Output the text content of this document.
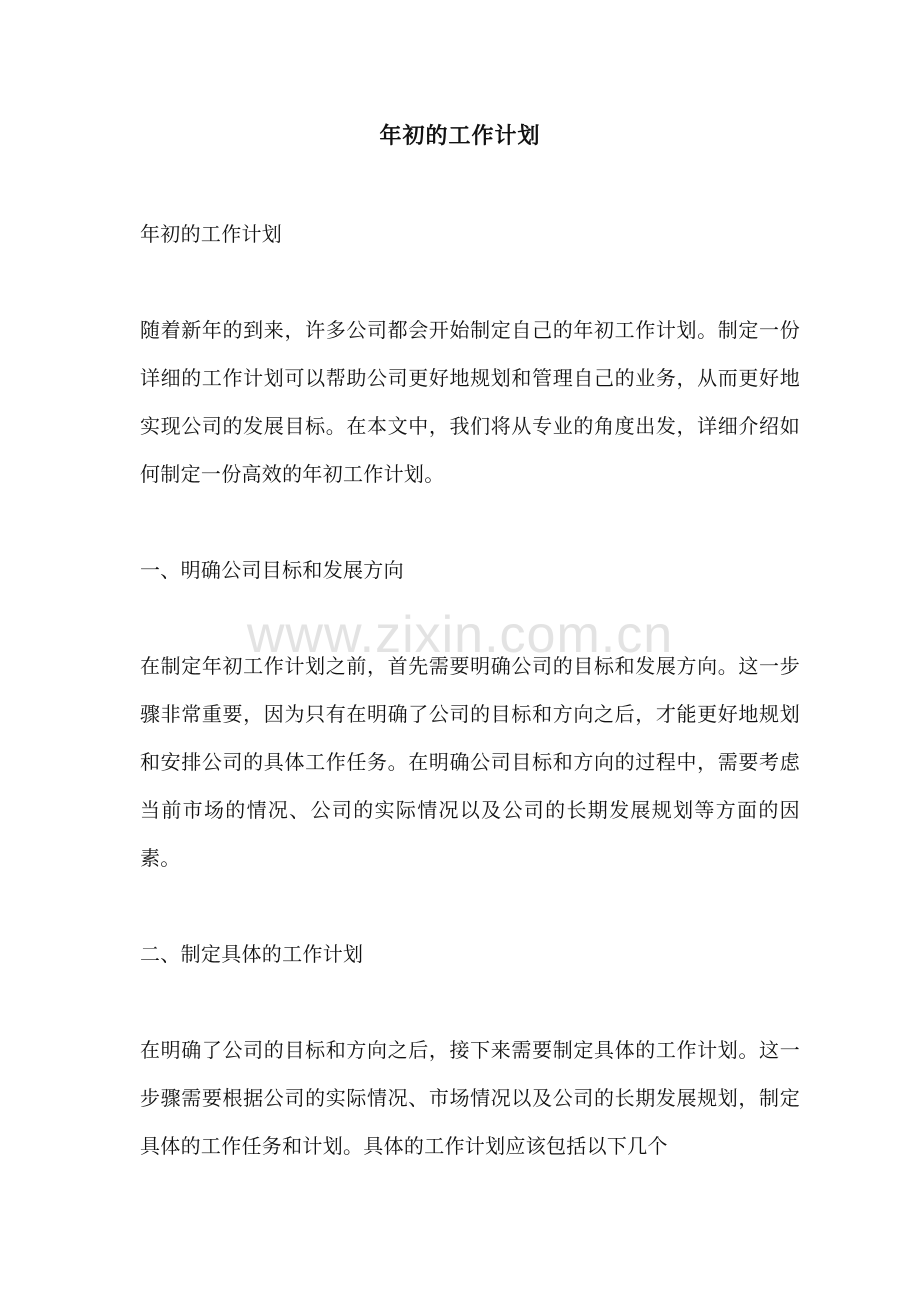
年初的工作计划
年初的工作计划
随着新年的到来，许多公司都会开始制定自己的年初工作计划。制定一份详细的工作计划可以帮助公司更好地规划和管理自己的业务，从而更好地实现公司的发展目标。在本文中，我们将从专业的角度出发，详细介绍如何制定一份高效的年初工作计划。
一、明确公司目标和发展方向
www.zixin.com.cn
在制定年初工作计划之前，首先需要明确公司的目标和发展方向。这一步骤非常重要，因为只有在明确了公司的目标和方向之后，才能更好地规划和安排公司的具体工作任务。在明确公司目标和方向的过程中，需要考虑当前市场的情况、公司的实际情况以及公司的长期发展规划等方面的因素。
二、制定具体的工作计划
在明确了公司的目标和方向之后，接下来需要制定具体的工作计划。这一步骤需要根据公司的实际情况、市场情况以及公司的长期发展规划，制定具体的工作任务和计划。具体的工作计划应该包括以下几个
